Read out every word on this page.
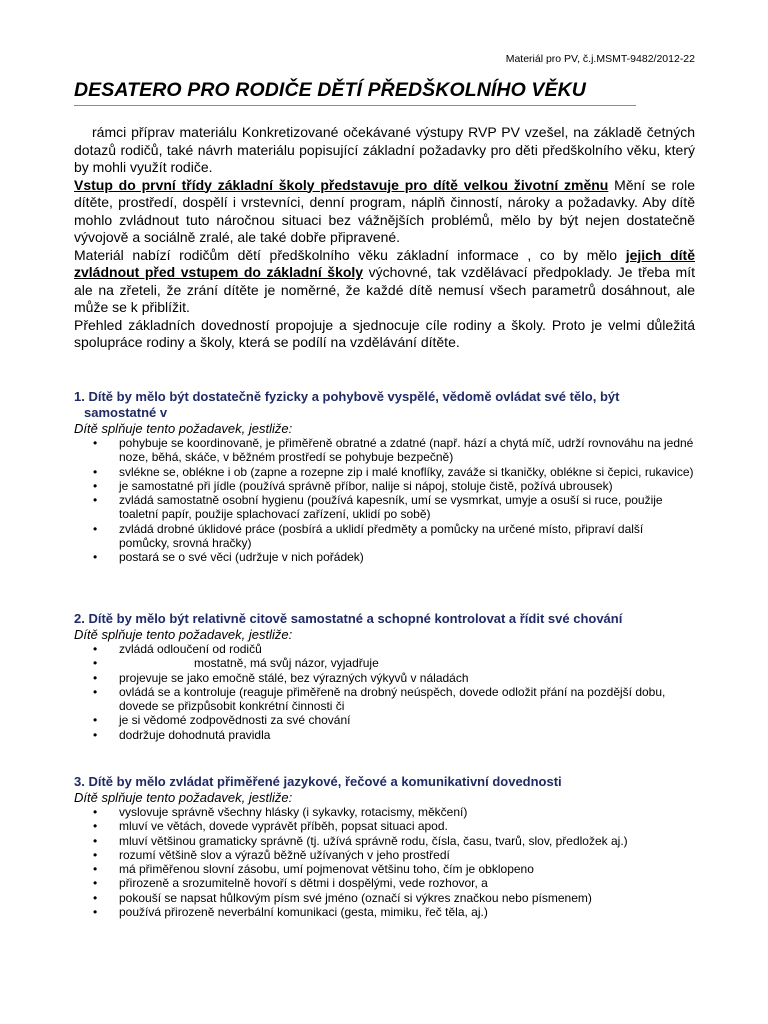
Materiál pro PV, č.j.MSMT-9482/2012-22
DESATERO PRO RODIČE DĚTÍ PŘEDŠKOLNÍHO VĚKU

rámci příprav materiálu Konkretizované očekávané výstupy RVP PV vzešel, na základě četných dotazů rodičů, také návrh materiálu popisující základní požadavky pro děti předškolního věku, který by mohli využít rodiče.

Vstup do první třídy základní školy představuje pro dítě velkou životní změnu Mění se role dítěte, prostředí, dospělí i vrstevníci, denní program, náplň činností, nároky a požadavky. Aby dítě mohlo zvládnout tuto náročnou situaci bez vážnějších problémů, mělo by být nejen dostatečně vývojově a sociálně zralé, ale také dobře připravené.

Materiál nabízí rodičům dětí předškolního věku základní informace , co by mělo jejich dítě zvládnout před vstupem do základní školy výchovné, tak vzdělávací předpoklady. Je třeba mít ale na zřeteli, že zrání dítěte je noměrné, že každé dítě nemusí všech parametrů dosáhnout, ale může se k přiblížit.

Přehled základních dovedností propojuje a sjednocuje cíle rodiny a školy. Proto je velmi důležitá spolupráce rodiny a školy, která se podílí na vzdělávání dítěte.

1. Dítě by mělo být dostatečně fyzicky a pohybově vyspělé, vědomě ovládat své tělo, být
samostatné v

Dítě splňuje tento požadavek, jestliže:

• pohybuje se koordinovaně, je přiměřeně obratné a zdatné (např. hází a chytá míč, udrží rovnováhu na jedné noze, běhá, skáče, v běžném prostředí se pohybuje bezpečně)
• svlékne se, oblékne i ob (zapne a rozepne zip i malé knoflíky, zaváže si tkaničky, oblékne si čepici, rukavice)
• je samostatné při jídle (používá správně příbor, nalije si nápoj, stoluje čistě, požívá ubrousek)
• zvládá samostatně osobní hygienu (používá kapesník, umí se vysmrkat, umyje a osuší si ruce, použije toaletní papír, použije splachovací zařízení, uklidí po sobě)
• zvládá drobné úklidové práce (posbírá a uklidí předměty a pomůcky na určené místo, připraví další pomůcky, srovná hračky)
• postará se o své věci (udržuje v nich pořádek)
2. Dítě by mělo být relativně citově samostatné a schopné kontrolovat a řídit své chování

Dítě splňuje tento požadavek, jestliže:

• zvládá odloučení od rodičů
•	mostatně, má svůj názor, vyjadřuje
• projevuje se jako emočně stálé, bez výrazných výkyvů v náladách
• ovládá se a kontroluje (reaguje přiměřeně na drobný neúspěch, dovede odložit přání na pozdější dobu, dovede se přizpůsobit konkrétní činnosti či
• je si vědomé zodpovědnosti za své chování
• dodržuje dohodnutá pravidla
3. Dítě by mělo zvládat přiměřené jazykové, řečové a komunikativní dovednosti

Dítě splňuje tento požadavek, jestliže:

• vyslovuje správně všechny hlásky (i sykavky, rotacismy, měkčení)
• mluví ve větách, dovede vyprávět příběh, popsat situaci apod.
• mluví většinou gramaticky správně (tj. užívá správně rodu, čísla, času, tvarů, slov, předložek aj.)
• rozumí většině slov a výrazů běžně užívaných v jeho prostředí
• má přiměřenou slovní zásobu, umí pojmenovat většinu toho, čím je obklopeno
• přirozeně a srozumitelně hovoří s dětmi i dospělými, vede rozhovor, a
• pokouší se napsat hůlkovým písm své jméno (označí si výkres značkou nebo písmenem)
• používá přirozeně neverbální komunikaci (gesta, mimiku, řeč těla, aj.)
